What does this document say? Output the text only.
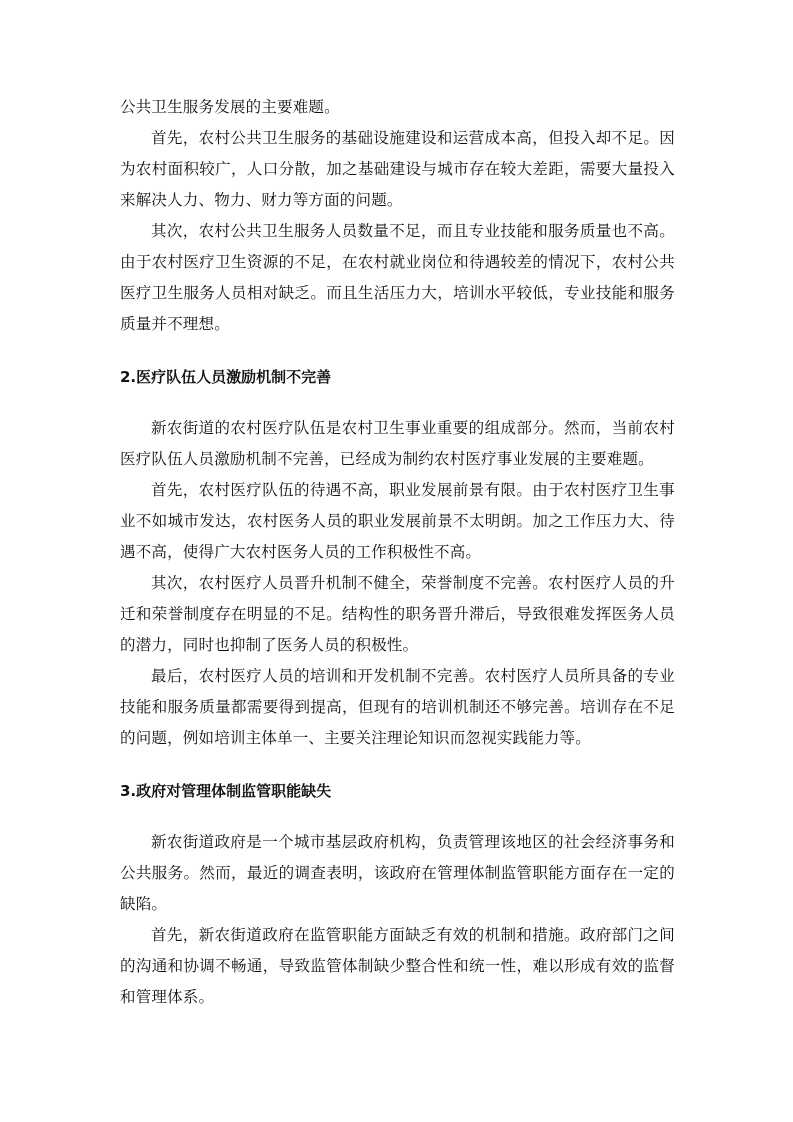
公共卫生服务发展的主要难题。

首先，农村公共卫生服务的基础设施建设和运营成本高，但投入却不足。因为农村面积较广，人口分散，加之基础建设与城市存在较大差距，需要大量投入来解决人力、物力、财力等方面的问题。

其次，农村公共卫生服务人员数量不足，而且专业技能和服务质量也不高。由于农村医疗卫生资源的不足，在农村就业岗位和待遇较差的情况下，农村公共医疗卫生服务人员相对缺乏。而且生活压力大，培训水平较低，专业技能和服务质量并不理想。

2.医疗队伍人员激励机制不完善

新农街道的农村医疗队伍是农村卫生事业重要的组成部分。然而，当前农村医疗队伍人员激励机制不完善，已经成为制约农村医疗事业发展的主要难题。

首先，农村医疗队伍的待遇不高，职业发展前景有限。由于农村医疗卫生事业不如城市发达，农村医务人员的职业发展前景不太明朗。加之工作压力大、待遇不高，使得广大农村医务人员的工作积极性不高。

其次，农村医疗人员晋升机制不健全，荣誉制度不完善。农村医疗人员的升迁和荣誉制度存在明显的不足。结构性的职务晋升滞后，导致很难发挥医务人员的潜力，同时也抑制了医务人员的积极性。

最后，农村医疗人员的培训和开发机制不完善。农村医疗人员所具备的专业技能和服务质量都需要得到提高，但现有的培训机制还不够完善。培训存在不足的问题，例如培训主体单一、主要关注理论知识而忽视实践能力等。

3.政府对管理体制监管职能缺失

新农街道政府是一个城市基层政府机构，负责管理该地区的社会经济事务和公共服务。然而，最近的调查表明，该政府在管理体制监管职能方面存在一定的缺陷。

首先，新农街道政府在监管职能方面缺乏有效的机制和措施。政府部门之间的沟通和协调不畅通，导致监管体制缺少整合性和统一性，难以形成有效的监督和管理体系。
